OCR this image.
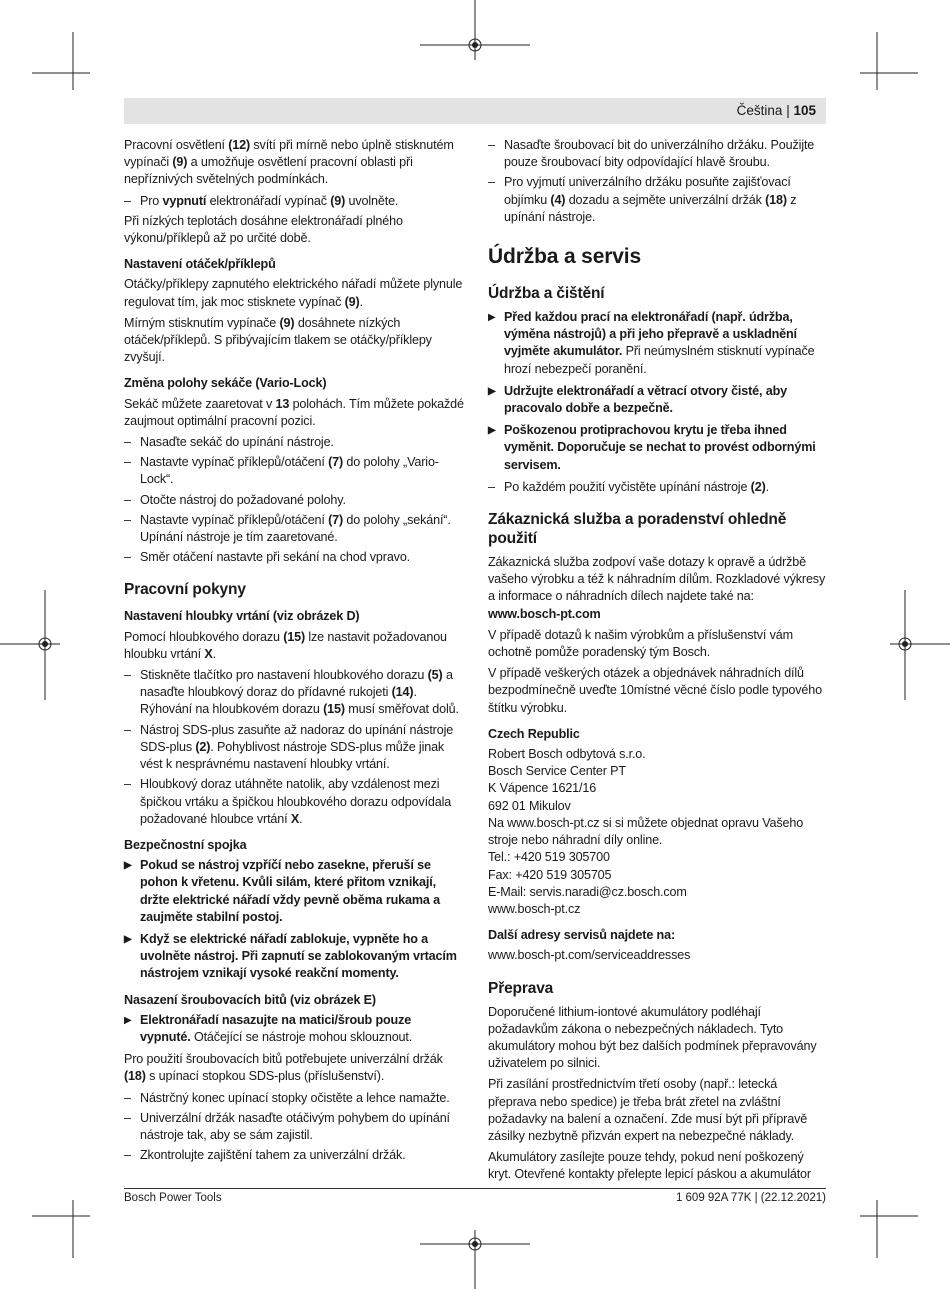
Čeština | 105

Pracovní osvětlení (12) svítí při mírně nebo úplně stisknutém vypínači (9) a umožňuje osvětlení pracovní oblasti při nepříznivých světelných podmínkách.

– Pro vypnutí elektronářadí vypínač (9) uvolněte.

Při nízkých teplotách dosáhne elektronářadí plného výkonu/příklepů až po určité době.

Nastavení otáček/příklepů

Otáčky/příklepy zapnutého elektrického nářadí můžete plynule regulovat tím, jak moc stisknete vypínač (9).

Mírným stisknutím vypínače (9) dosáhnete nízkých otáček/příklepů. S přibývajícím tlakem se otáčky/příklepy zvyšují.

Změna polohy sekáče (Vario-Lock)

Sekáč můžete zaaretovat v 13 polohách. Tím můžete pokaždé zaujmout optimální pracovní pozici.

– Nasaďte sekáč do upínání nástroje.
– Nastavte vypínač příklepů/otáčení (7) do polohy „Vario-Lock“.
– Otočte nástroj do požadované polohy.
– Nastavte vypínač příklepů/otáčení (7) do polohy „sekání“. Upínání nástroje je tím zaaretované.
– Směr otáčení nastavte při sekání na chod vpravo.
Pracovní pokyny
Nastavení hloubky vrtání (viz obrázek D)

Pomocí hloubkového dorazu (15) lze nastavit požadovanou hloubku vrtání X.

– Stiskněte tlačítko pro nastavení hloubkového dorazu (5) a nasaďte hloubkový doraz do přídavné rukojeti (14). Rýhování na hloubkovém dorazu (15) musí směřovat dolů.
– Nástroj SDS-plus zasuňte až nadoraz do upínání nástroje SDS-plus (2). Pohyblivost nástroje SDS-plus může jinak vést k nesprávnému nastavení hloubky vrtání.
– Hloubkový doraz utáhněte natolik, aby vzdálenost mezi špičkou vrtáku a špičkou hloubkového dorazu odpovídala požadované hloubce vrtání X.
Bezpečnostní spojka
▶ Pokud se nástroj vzpříčí nebo zasekne, přeruší se pohon k vřetenu. Kvůli silám, které přitom vznikají, držte elektrické nářadí vždy pevně oběma rukama a zaujměte stabilní postoj.
▶ Když se elektrické nářadí zablokuje, vypněte ho a uvolněte nástroj. Při zapnutí se zablokovaným vrtacím nástrojem vznikají vysoké reakční momenty.
Nasazení šroubovacích bitů (viz obrázek E)
▶ Elektronářadí nasazujte na matici/šroub pouze vypnuté. Otáčející se nástroje mohou sklouznout.

Pro použití šroubovacích bitů potřebujete univerzální držák (18) s upínací stopkou SDS-plus (příslušenství).

– Nástrčný konec upínací stopky očistěte a lehce namažte.
– Univerzální držák nasaďte otáčivým pohybem do upínání nástroje tak, aby se sám zajistil.
– Zkontrolujte zajištění tahem za univerzální držák.
– Nasaďte šroubovací bit do univerzálního držáku. Použijte pouze šroubovací bity odpovídající hlavě šroubu.
– Pro vyjmutí univerzálního držáku posuňte zajišťovací objímku (4) dozadu a sejměte univerzální držák (18) z upínání nástroje.
Údržba a servis
Údržba a čištění
▶ Před každou prací na elektronářadí (např. údržba, výměna nástrojů) a při jeho přepravě a uskladnění vyjměte akumulátor. Při neúmyslném stisknutí vypínače hrozí nebezpečí poranění.
▶ Udržujte elektronářadí a větrací otvory čisté, aby pracovalo dobře a bezpečně.
▶ Poškozenou protiprachovou krytu je třeba ihned vyměnit. Doporučuje se nechat to provést odbornými servisem.
– Po každém použití vyčistěte upínání nástroje (2).
Zákaznická služba a poradenství ohledně použití

Zákaznická služba zodpoví vaše dotazy k opravě a údržbě vašeho výrobku a též k náhradním dílům. Rozkladové výkresy a informace o náhradních dílech najdete také na:

www.bosch-pt.com

V případě dotazů k našim výrobkům a příslušenství vám ochotně pomůže poradenský tým Bosch.

V případě veškerých otázek a objednávek náhradních dílů bezpodmínečně uveďte 10místné věcné číslo podle typového štítku výrobku.

Czech Republic
Robert Bosch odbytová s.r.o.
Bosch Service Center PT
K Vápence 1621/16
692 01 Mikulov
Na www.bosch-pt.cz si si můžete objednat opravu Vašeho stroje nebo náhradní díly online.
Tel.: +420 519 305700
Fax: +420 519 305705
E-Mail: servis.naradi@cz.bosch.com
www.bosch-pt.cz
Další adresy servisů najdete na:

www.bosch-pt.com/serviceaddresses

Přeprava

Doporučené lithium-iontové akumulátory podléhají požadavkům zákona o nebezpečných nákladech. Tyto akumulátory mohou být bez dalších podmínek přepravovány uživatelem po silnici.

Při zasílání prostřednictvím třetí osoby (např.: letecká přeprava nebo spedice) je třeba brát zřetel na zvláštní požadavky na balení a označení. Zde musí být při přípravě zásilky nezbytně přizván expert na nebezpečné náklady.

Akumulátory zasílejte pouze tehdy, pokud není poškozený kryt. Otevřené kontakty přelepte lepicí páskou a akumulátor

Bosch Power Tools	1 609 92A 77K | (22.12.2021)
